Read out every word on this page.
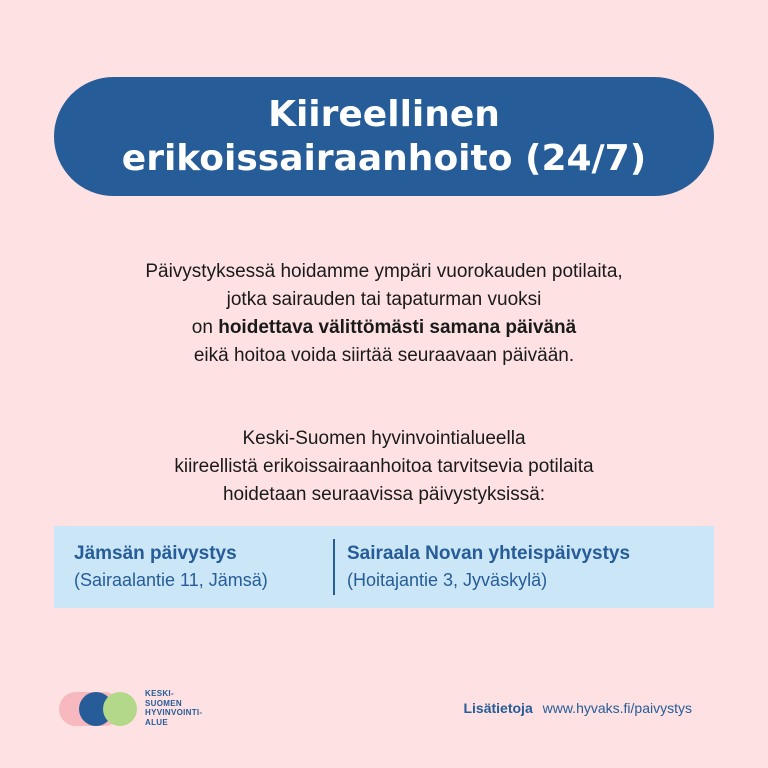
Kiireellinen
erikoissairaanhoito (24/7)

Päivystyksessä hoidamme ympäri vuorokauden potilaita,

jotka sairauden tai tapaturman vuoksi

on hoidettava välittömästi samana päivänä

eikä hoitoa voida siirtää seuraavaan päivään.

Keski-Suomen hyvinvointialueella

kiireellistä erikoissairaanhoitoa tarvitsevia potilaita

hoidetaan seuraavissa päivystyksissä:

Jämsän päivystys
(Sairaalantie 11, Jämsä)
Sairaala Novan yhteispäivystys
(Hoitajantie 3, Jyväskylä)
KESKI-
SUOMEN
HYVINVOINTI-
ALUE
Lisätietoja www.hyvaks.fi/paivystys
